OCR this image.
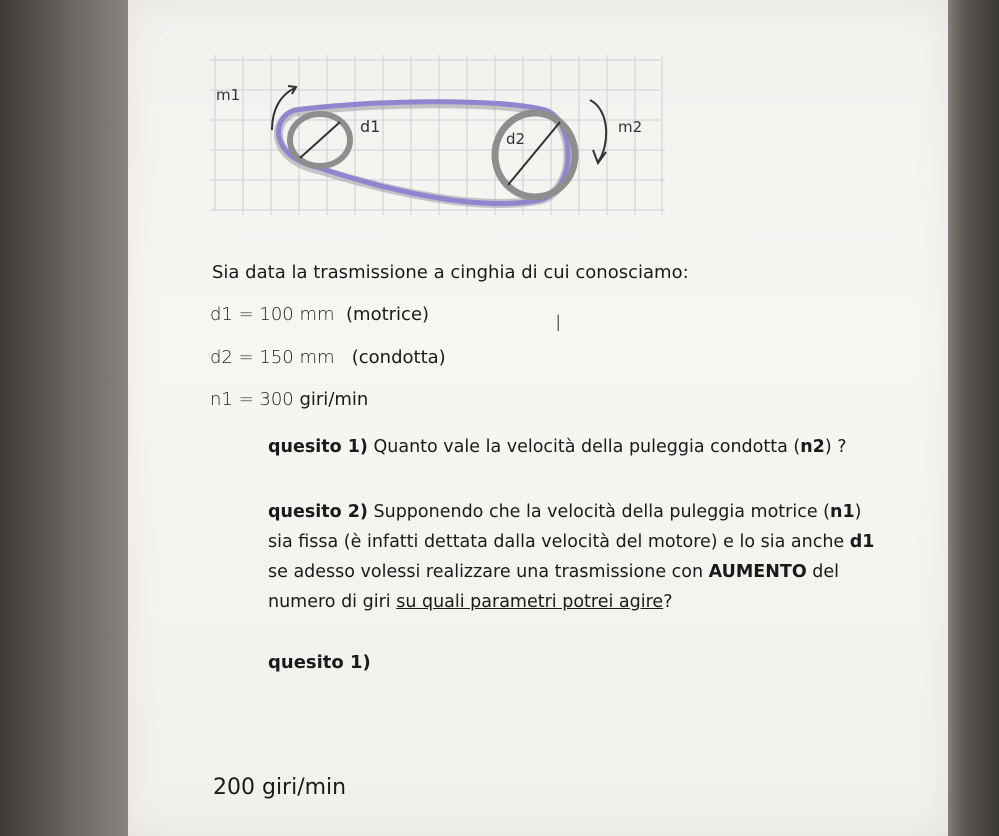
m1
d1
d2
m2
Sia data la trasmissione a cinghia di cui conosciamo:
d1 = 100 mm (motrice)
d2 = 150 mm (condotta)
n1 = 300 giri/min
I
quesito 1) Quanto vale la velocità della puleggia condotta (n2) ?
quesito 2) Supponendo che la velocità della puleggia motrice (n1)
sia fissa (è infatti dettata dalla velocità del motore) e lo sia anche d1
se adesso volessi realizzare una trasmissione con AUMENTO del
numero di giri su quali parametri potrei agire?
quesito 1)
200 giri/min
